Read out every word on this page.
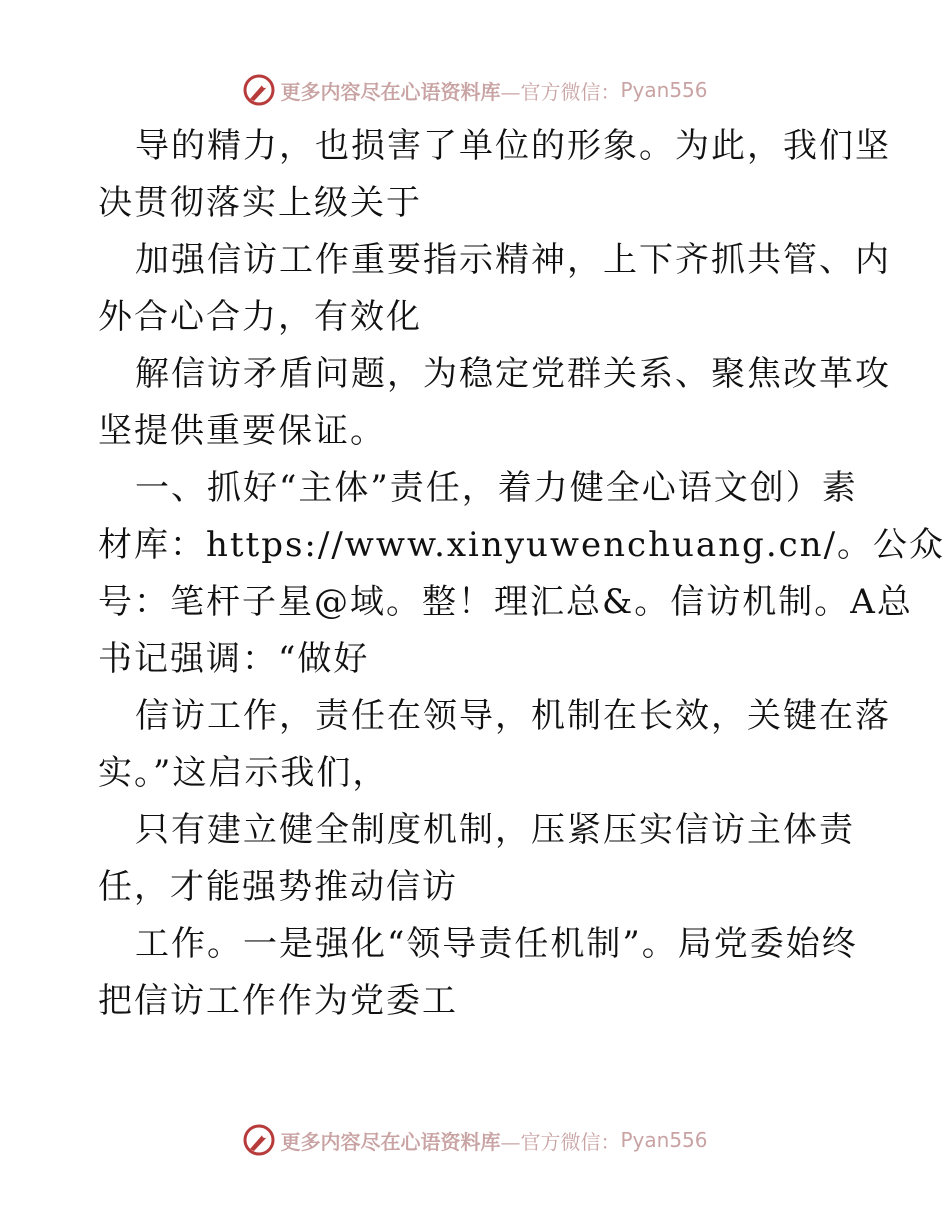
更多内容尽在心语资料库 —官方微信： Pyan556
导的精力，也损害了单位的形象。为此，我们坚
决贯彻落实上级关于
加强信访工作重要指示精神，上下齐抓共管、内
外合心合力，有效化
解信访矛盾问题，为稳定党群关系、聚焦改革攻
坚提供重要保证。
一、抓好“主体”责任，着力健全心语文创）素
材库：https://www.xinyuwenchuang.cn/。公众
号：笔杆子星@域。整！理汇总&。信访机制。A总
书记强调：“做好
信访工作，责任在领导，机制在长效，关键在落
实。”这启示我们，
只有建立健全制度机制，压紧压实信访主体责
任，才能强势推动信访
工作。一是强化“领导责任机制”。局党委始终
把信访工作作为党委工
更多内容尽在心语资料库 —官方微信： Pyan556
